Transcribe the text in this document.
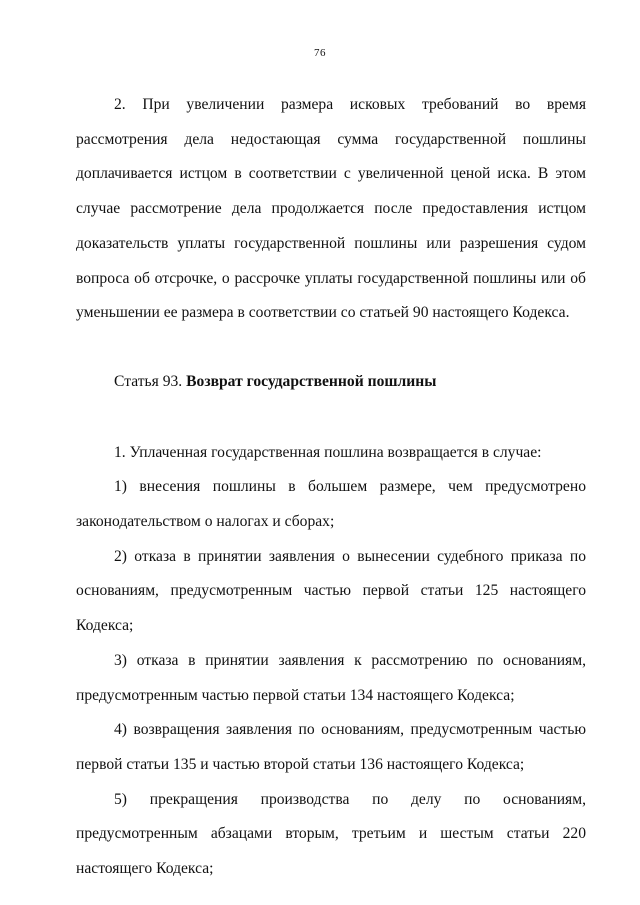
76

2. При увеличении размера исковых требований во время рассмотрения дела недостающая сумма государственной пошлины доплачивается истцом в соответствии с увеличенной ценой иска. В этом случае рассмотрение дела продолжается после предоставления истцом доказательств уплаты государственной пошлины или разрешения судом вопроса об отсрочке, о рассрочке уплаты государственной пошлины или об уменьшении ее размера в соответствии со статьей 90 настоящего Кодекса.

Статья 93. Возврат государственной пошлины

1. Уплаченная государственная пошлина возвращается в случае:

1) внесения пошлины в большем размере, чем предусмотрено законодательством о налогах и сборах;

2) отказа в принятии заявления о вынесении судебного приказа по основаниям, предусмотренным частью первой статьи 125 настоящего Кодекса;

3) отказа в принятии заявления к рассмотрению по основаниям, предусмотренным частью первой статьи 134 настоящего Кодекса;

4) возвращения заявления по основаниям, предусмотренным частью первой статьи 135 и частью второй статьи 136 настоящего Кодекса;

5) прекращения производства по делу по основаниям, предусмотренным абзацами вторым, третьим и шестым статьи 220 настоящего Кодекса;
